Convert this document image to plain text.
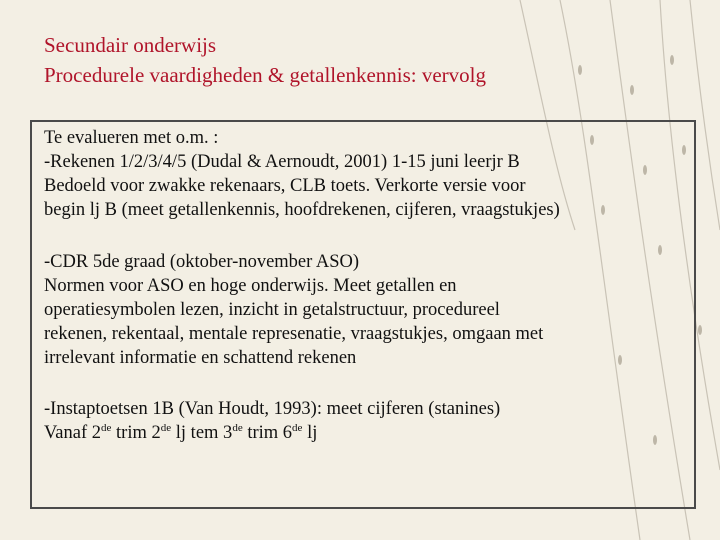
Secundair onderwijs
Procedurele vaardigheden & getallenkennis: vervolg

Te evalueren met o.m. :

-Rekenen 1/2/3/4/5 (Dudal & Aernoudt, 2001) 1-15 juni leerjr B

Bedoeld voor zwakke rekenaars, CLB toets. Verkorte versie voor

begin lj B (meet getallenkennis, hoofdrekenen, cijferen, vraagstukjes)

-CDR 5de graad (oktober-november ASO)

Normen voor ASO en hoge onderwijs. Meet getallen en

operatiesymbolen lezen, inzicht in getalstructuur, procedureel

rekenen, rekentaal, mentale represenatie, vraagstukjes, omgaan met

irrelevant informatie en schattend rekenen

-Instaptoetsen 1B (Van Houdt, 1993): meet cijferen (stanines)

Vanaf 2de trim 2de lj tem 3de trim 6de lj
